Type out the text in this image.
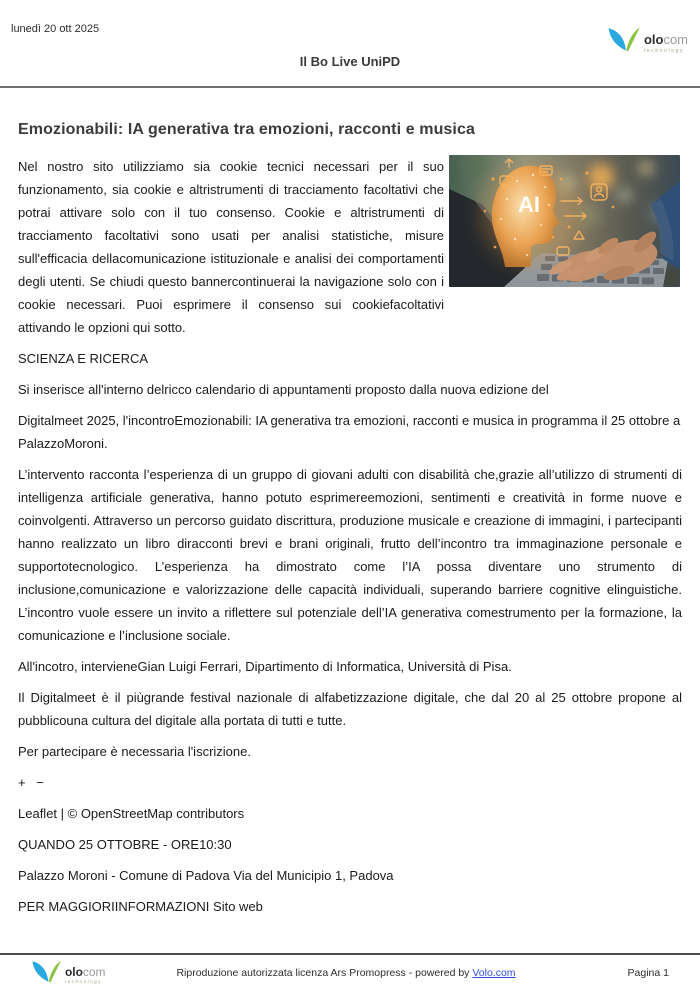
lunedì 20 ott 2025
Il Bo Live UniPD
olocom
technology
Emozionabili: IA generativa tra emozioni, racconti e musica

Nel nostro sito utilizziamo sia cookie tecnici necessari per il suo funzionamento, sia cookie e altristrumenti di tracciamento facoltativi che potrai attivare solo con il tuo consenso. Cookie e altristrumenti di tracciamento facoltativi sono usati per analisi statistiche, misure sull'efficacia dellacomunicazione istituzionale e analisi dei comportamenti degli utenti. Se chiudi questo bannercontinuerai la navigazione solo con i cookie necessari. Puoi esprimere il consenso sui cookiefacoltativi attivando le opzioni qui sotto.

AI

SCIENZA E RICERCA

Si inserisce all'interno delricco calendario di appuntamenti proposto dalla nuova edizione del

Digitalmeet 2025, l'incontroEmozionabili: IA generativa tra emozioni, racconti e musica in programma il 25 ottobre a PalazzoMoroni.

L’intervento racconta l’esperienza di un gruppo di giovani adulti con disabilità che,grazie all’utilizzo di strumenti di intelligenza artificiale generativa, hanno potuto esprimereemozioni, sentimenti e creatività in forme nuove e coinvolgenti. Attraverso un percorso guidato discrittura, produzione musicale e creazione di immagini, i partecipanti hanno realizzato un libro diracconti brevi e brani originali, frutto dell’incontro tra immaginazione personale e supportotecnologico. L’esperienza ha dimostrato come l’IA possa diventare uno strumento di inclusione,comunicazione e valorizzazione delle capacità individuali, superando barriere cognitive elinguistiche. L’incontro vuole essere un invito a riflettere sul potenziale dell’IA generativa comestrumento per la formazione, la comunicazione e l’inclusione sociale.

All'incotro, intervieneGian Luigi Ferrari, Dipartimento di Informatica, Università di Pisa.

Il Digitalmeet è il piùgrande festival nazionale di alfabetizzazione digitale, che dal 20 al 25 ottobre propone al pubblicouna cultura del digitale alla portata di tutti e tutte.

Per partecipare è necessaria l'iscrizione.

+ −

Leaflet | © OpenStreetMap contributors

QUANDO 25 OTTOBRE - ORE10:30

Palazzo Moroni - Comune di Padova Via del Municipio 1, Padova

PER MAGGIORIINFORMAZIONI Sito web

olocom
technology
Riproduzione autorizzata licenza Ars Promopress - powered by Volo.com	Pagina 1
